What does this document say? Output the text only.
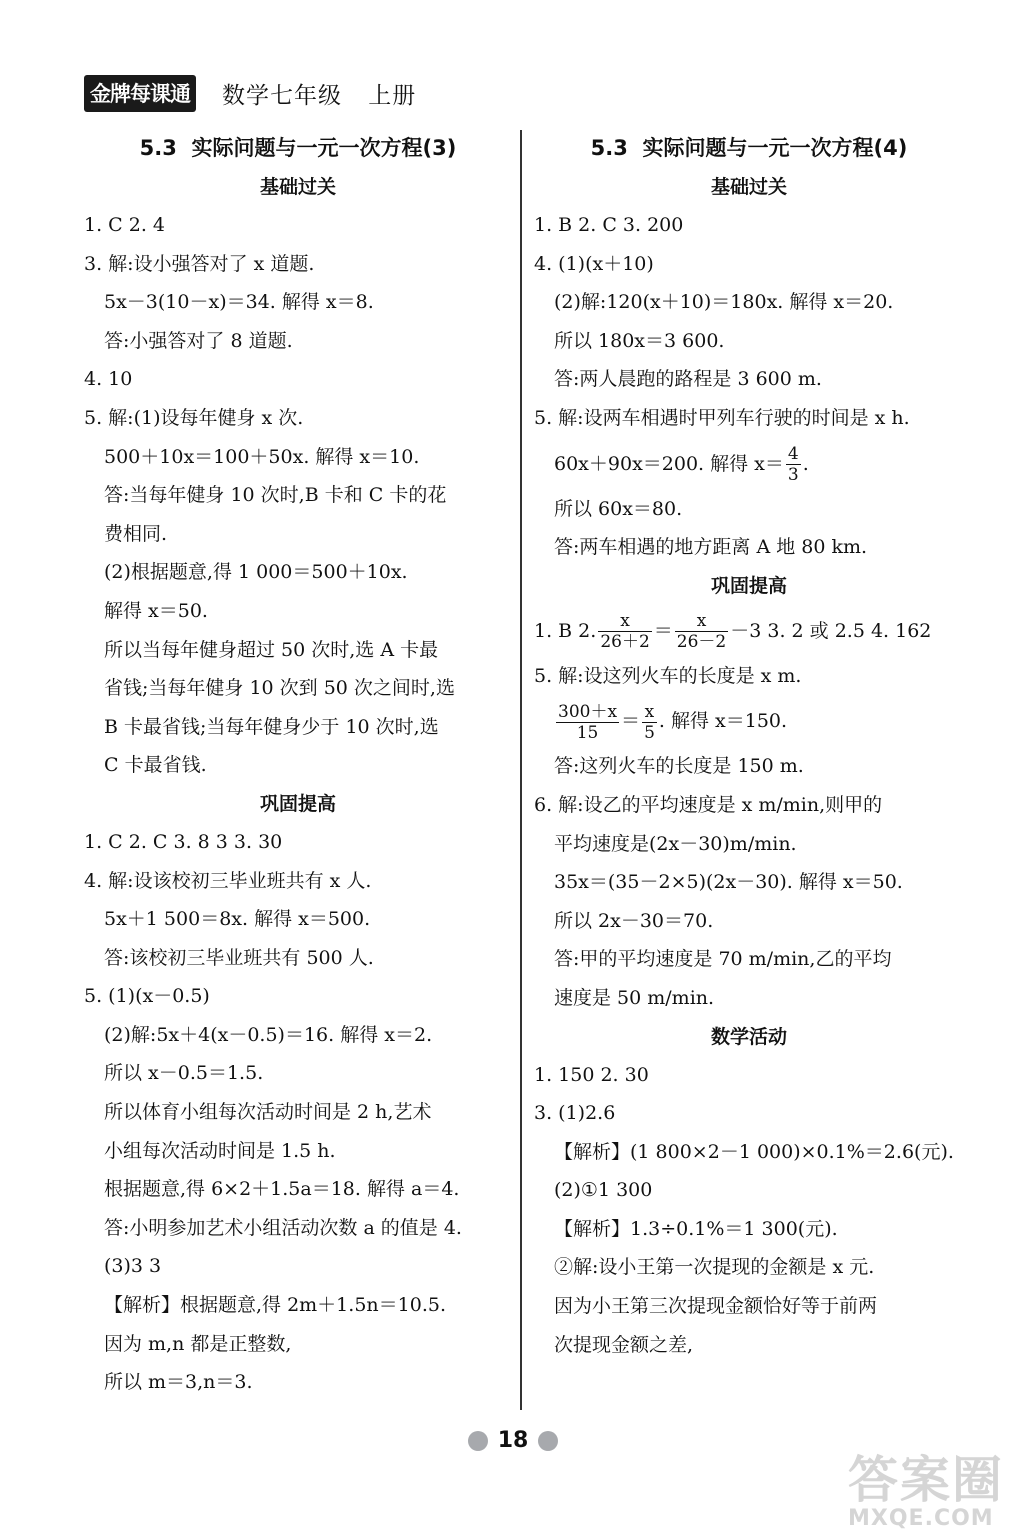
金牌每课通 数学七年级 上册
5.3  实际问题与一元一次方程(3)
基础过关
1. C 2. 4
3. 解:设小强答对了 x 道题.
5x－3(10－x)＝34. 解得 x＝8.
答:小强答对了 8 道题.
4. 10
5. 解:(1)设每年健身 x 次.
500＋10x＝100＋50x. 解得 x＝10.
答:当每年健身 10 次时,B 卡和 C 卡的花
费相同.
(2)根据题意,得 1 000＝500＋10x.
解得 x＝50.
所以当每年健身超过 50 次时,选 A 卡最
省钱;当每年健身 10 次到 50 次之间时,选
B 卡最省钱;当每年健身少于 10 次时,选
C 卡最省钱.
巩固提高
1. C 2. C 3. 8 3 3. 30
4. 解:设该校初三毕业班共有 x 人.
5x＋1 500＝8x. 解得 x＝500.
答:该校初三毕业班共有 500 人.
5. (1)(x－0.5)
(2)解:5x＋4(x－0.5)＝16. 解得 x＝2.
所以 x－0.5＝1.5.
所以体育小组每次活动时间是 2 h,艺术
小组每次活动时间是 1.5 h.
根据题意,得 6×2＋1.5a＝18. 解得 a＝4.
答:小明参加艺术小组活动次数 a 的值是 4.
(3)3 3
【解析】根据题意,得 2m＋1.5n＝10.5.
因为 m,n 都是正整数,
所以 m＝3,n＝3.
5.3  实际问题与一元一次方程(4)
基础过关
1. B 2. C 3. 200
4. (1)(x＋10)
(2)解:120(x＋10)＝180x. 解得 x＝20.
所以 180x＝3 600.
答:两人晨跑的路程是 3 600 m.
5. 解:设两车相遇时甲列车行驶的时间是 x h.
60x＋90x＝200. 解得 $x= \frac{4}{3}$ .
所以 60x＝80.
答:两车相遇的地方距离 A 地 80 km.
巩固提高
1. B 2. $\frac{x}{26+2} = \frac{x}{26-2} -3$ 3. 2 或 2.5 4. 162
5. 解:设这列火车的长度是 x m.
$\frac{300+x}{15} = \frac{x}{5}$ . 解得 x＝150.
答:这列火车的长度是 150 m.
6. 解:设乙的平均速度是 x m/min,则甲的
平均速度是(2x－30)m/min.
35x＝(35－2×5)(2x－30). 解得 x＝50.
所以 2x－30＝70.
答:甲的平均速度是 70 m/min,乙的平均
速度是 50 m/min.
数学活动
1. 150 2. 30
3. (1)2.6
【解析】(1 800×2－1 000)×0.1%＝2.6(元).
(2)①1 300
【解析】1.3÷0.1%＝1 300(元).
②解:设小王第一次提现的金额是 x 元.
因为小王第三次提现金额恰好等于前两
次提现金额之差,
18
答案圈
MXQE.COM
